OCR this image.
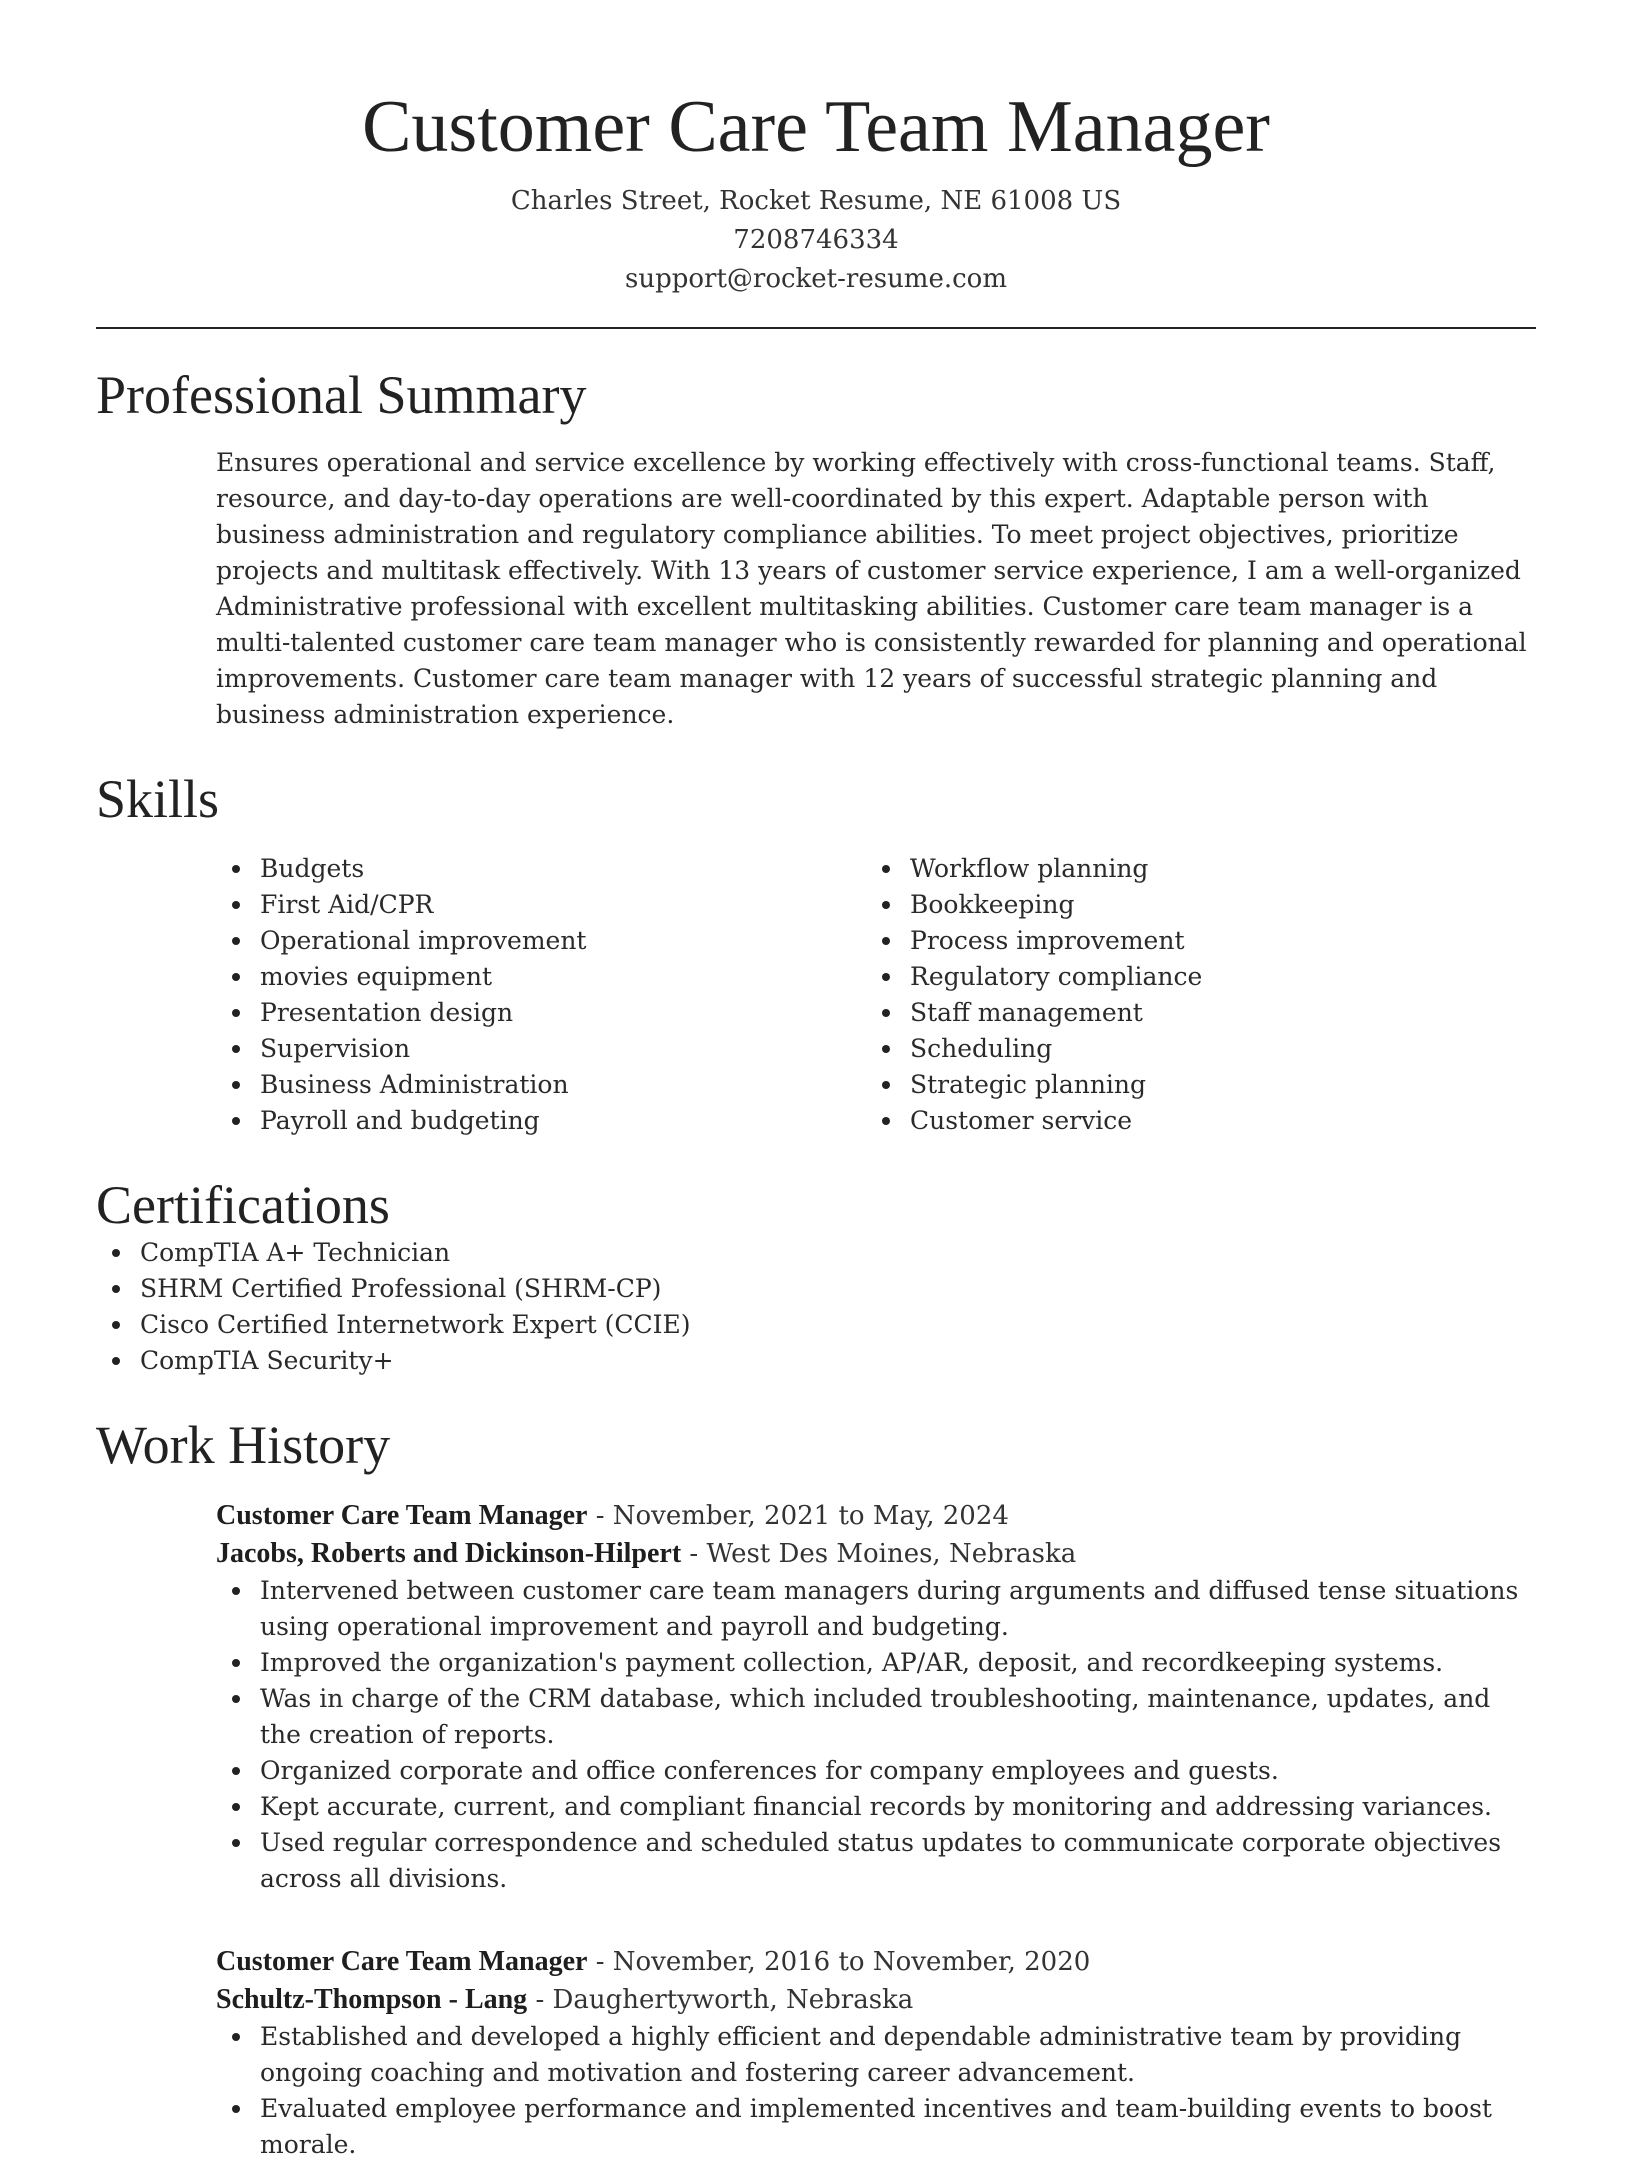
Customer Care Team Manager
Charles Street, Rocket Resume, NE 61008 US
7208746334
support@rocket-resume.com
Professional Summary
Ensures operational and service excellence by working effectively with cross-functional teams. Staff, resource, and day-to-day operations are well-coordinated by this expert. Adaptable person with business administration and regulatory compliance abilities. To meet project objectives, prioritize projects and multitask effectively. With 13 years of customer service experience, I am a well-organized Administrative professional with excellent multitasking abilities. Customer care team manager is a multi-talented customer care team manager who is consistently rewarded for planning and operational improvements. Customer care team manager with 12 years of successful strategic planning and business administration experience.
Skills
Budgets
First Aid/CPR
Operational improvement
movies equipment
Presentation design
Supervision
Business Administration
Payroll and budgeting
Workflow planning
Bookkeeping
Process improvement
Regulatory compliance
Staff management
Scheduling
Strategic planning
Customer service
Certifications
CompTIA A+ Technician
SHRM Certified Professional (SHRM-CP)
Cisco Certified Internetwork Expert (CCIE)
CompTIA Security+
Work History
Customer Care Team Manager - November, 2021 to May, 2024
Jacobs, Roberts and Dickinson-Hilpert - West Des Moines, Nebraska
Intervened between customer care team managers during arguments and diffused tense situations using operational improvement and payroll and budgeting.
Improved the organization's payment collection, AP/AR, deposit, and recordkeeping systems.
Was in charge of the CRM database, which included troubleshooting, maintenance, updates, and the creation of reports.
Organized corporate and office conferences for company employees and guests.
Kept accurate, current, and compliant financial records by monitoring and addressing variances.
Used regular correspondence and scheduled status updates to communicate corporate objectives across all divisions.
Customer Care Team Manager - November, 2016 to November, 2020
Schultz-Thompson - Lang - Daughertyworth, Nebraska
Established and developed a highly efficient and dependable administrative team by providing ongoing coaching and motivation and fostering career advancement.
Evaluated employee performance and implemented incentives and team-building events to boost morale.
